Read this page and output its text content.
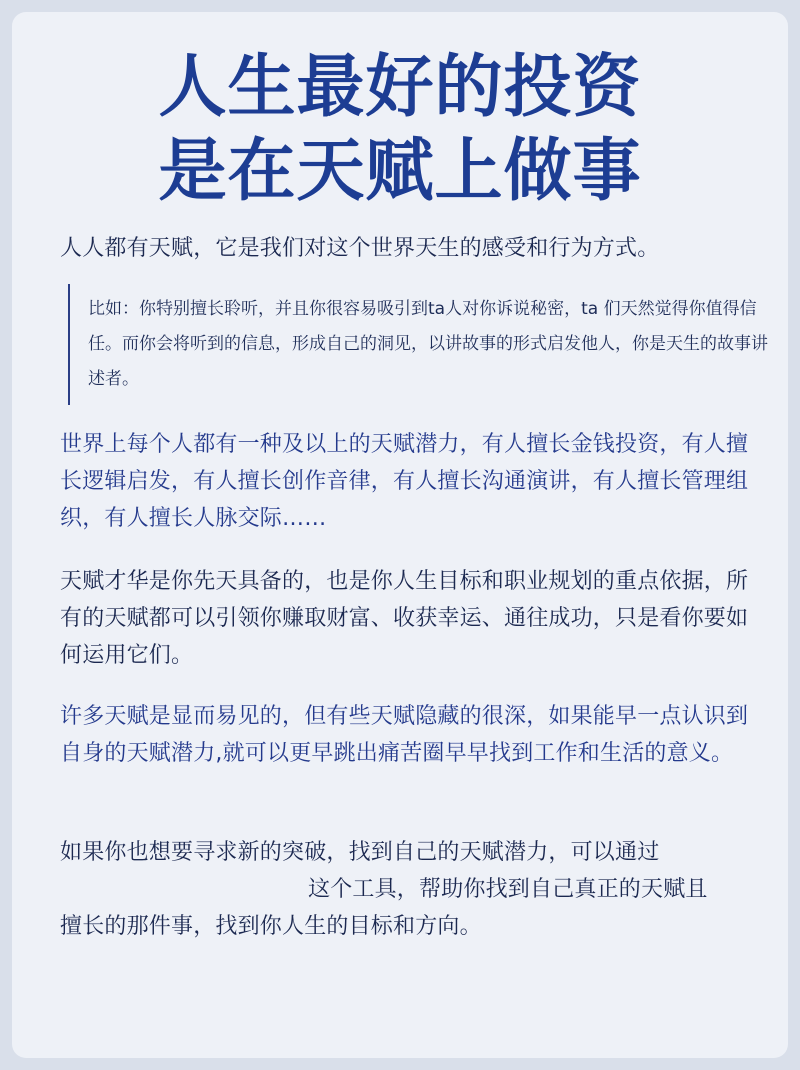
人生最好的投资
是在天赋上做事
人人都有天赋，它是我们对这个世界天生的感受和行为方式。
比如：你特别擅长聆听，并且你很容易吸引到ta人对你诉说秘密，ta 们天然觉得你值得信任。而你会将听到的信息，形成自己的洞见，以讲故事的形式启发他人，你是天生的故事讲述者。
世界上每个人都有一种及以上的天赋潜力，有人擅长金钱投资，有人擅长逻辑启发，有人擅长创作音律，有人擅长沟通演讲，有人擅长管理组织，有人擅长人脉交际……
天赋才华是你先天具备的，也是你人生目标和职业规划的重点依据，所有的天赋都可以引领你赚取财富、收获幸运、通往成功，只是看你要如何运用它们。
许多天赋是显而易见的，但有些天赋隐藏的很深，如果能早一点认识到自身的天赋潜力,就可以更早跳出痛苦圈早早找到工作和生活的意义。
如果你也想要寻求新的突破，找到自己的天赋潜力，可以通过
这个工具，帮助你找到自己真正的天赋且
擅长的那件事，找到你人生的目标和方向。
